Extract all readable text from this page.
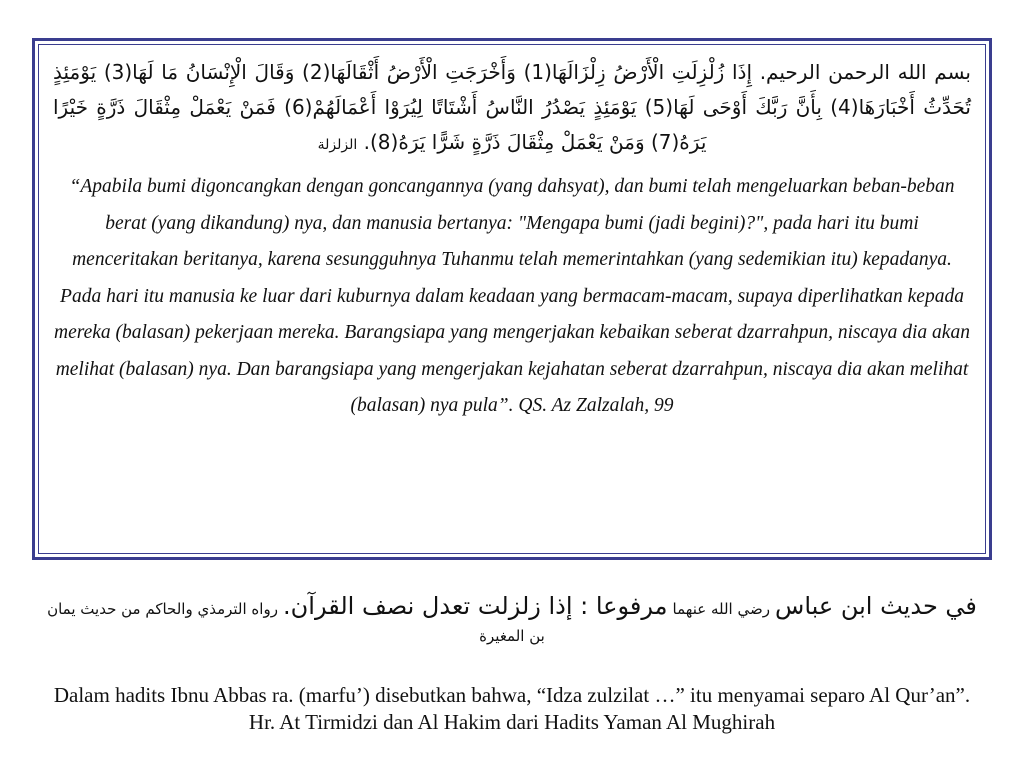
بسم الله الرحمن الرحيم. إِذَا زُلْزِلَتِ الْأَرْضُ زِلْزَالَهَا(1) وَأَخْرَجَتِ الْأَرْضُ أَثْقَالَهَا(2) وَقَالَ الْإِنْسَانُ مَا لَهَا(3) يَوْمَئِذٍ تُحَدِّثُ أَخْبَارَهَا(4) بِأَنَّ رَبَّكَ أَوْحَى لَهَا(5) يَوْمَئِذٍ يَصْدُرُ النَّاسُ أَشْتَاتًا لِيُرَوْا أَعْمَالَهُمْ(6) فَمَنْ يَعْمَلْ مِثْقَالَ ذَرَّةٍ خَيْرًا يَرَهُ(7) وَمَنْ يَعْمَلْ مِثْقَالَ ذَرَّةٍ شَرًّا يَرَهُ(8). الزلزلة
“Apabila bumi digoncangkan dengan goncangannya (yang dahsyat), dan bumi telah mengeluarkan beban-beban berat (yang dikandung) nya, dan manusia bertanya: "Mengapa bumi (jadi begini)?", pada hari itu bumi menceritakan beritanya, karena sesungguhnya Tuhanmu telah memerintahkan (yang sedemikian itu) kepadanya. Pada hari itu manusia ke luar dari kuburnya dalam keadaan yang bermacam-macam, supaya diperlihatkan kepada mereka (balasan) pekerjaan mereka. Barangsiapa yang mengerjakan kebaikan seberat dzarrahpun, niscaya dia akan melihat (balasan) nya. Dan barangsiapa yang mengerjakan kejahatan seberat dzarrahpun, niscaya dia akan melihat (balasan) nya pula”. QS. Az Zalzalah, 99
في حديث ابن عباس رضي الله عنهما مرفوعا : إذا زلزلت تعدل نصف القرآن. رواه الترمذي والحاكم من حديث يمان بن المغيرة
Dalam hadits Ibnu Abbas ra. (marfu’) disebutkan bahwa, “Idza zulzilat …” itu menyamai separo Al Qur’an”. Hr. At Tirmidzi dan Al Hakim dari Hadits Yaman Al Mughirah
